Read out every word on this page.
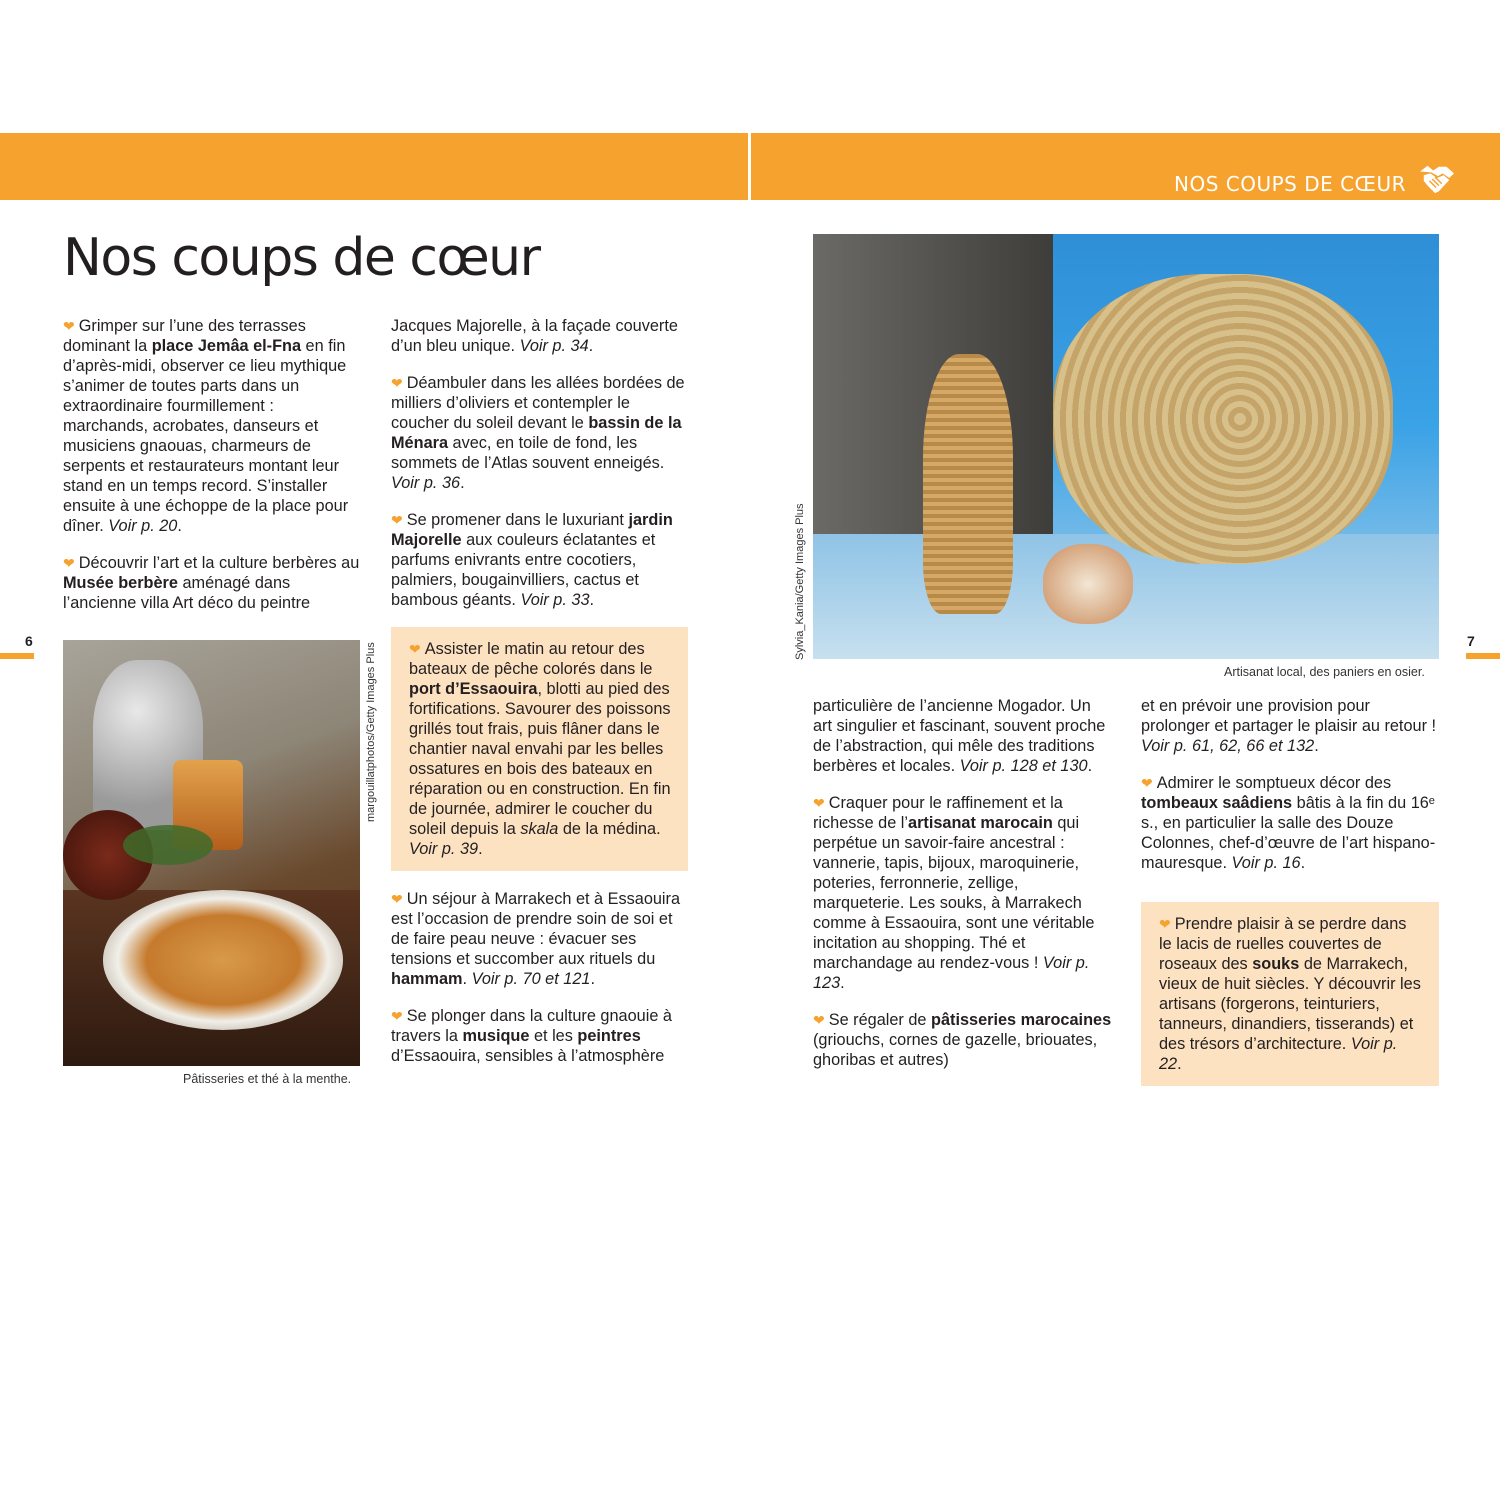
NOS COUPS DE CŒUR
Nos coups de cœur

❤ Grimper sur l’une des terrasses dominant la place Jemâa el-Fna en fin d’après-midi, observer ce lieu mythique s’animer de toutes parts dans un extraordinaire fourmillement : marchands, acrobates, danseurs et musiciens gnaouas, charmeurs de serpents et restaurateurs montant leur stand en un temps record. S’installer ensuite à une échoppe de la place pour dîner. Voir p. 20.

❤ Découvrir l’art et la culture berbères au Musée berbère aménagé dans l’ancienne villa Art déco du peintre

Jacques Majorelle, à la façade couverte d’un bleu unique. Voir p. 34.

❤ Déambuler dans les allées bordées de milliers d’oliviers et contempler le coucher du soleil devant le bassin de la Ménara avec, en toile de fond, les sommets de l’Atlas souvent enneigés. Voir p. 36.

❤ Se promener dans le luxuriant jardin Majorelle aux couleurs éclatantes et parfums enivrants entre cocotiers, palmiers, bougainvilliers, cactus et bambous géants. Voir p. 33.

❤ Assister le matin au retour des bateaux de pêche colorés dans le port d’Essaouira, blotti au pied des fortifications. Savourer des poissons grillés tout frais, puis flâner dans le chantier naval envahi par les belles ossatures en bois des bateaux en réparation ou en construction. En fin de journée, admirer le coucher du soleil depuis la skala de la médina. Voir p. 39.

❤ Un séjour à Marrakech et à Essaouira est l’occasion de prendre soin de soi et de faire peau neuve : évacuer ses tensions et succomber aux rituels du hammam. Voir p. 70 et 121.

❤ Se plonger dans la culture gnaouie à travers la musique et les peintres d’Essaouira, sensibles à l’atmosphère

margouillatphotos/Getty Images Plus
Pâtisseries et thé à la menthe.
6	7
Sylvia_Kania/Getty Images Plus
Artisanat local, des paniers en osier.

particulière de l’ancienne Mogador. Un art singulier et fascinant, souvent proche de l’abstraction, qui mêle des traditions berbères et locales. Voir p. 128 et 130.

❤ Craquer pour le raffinement et la richesse de l’artisanat marocain qui perpétue un savoir-faire ancestral : vannerie, tapis, bijoux, maroquinerie, poteries, ferronnerie, zellige, marqueterie. Les souks, à Marrakech comme à Essaouira, sont une véritable incitation au shopping. Thé et marchandage au rendez-vous ! Voir p. 123.

❤ Se régaler de pâtisseries marocaines (griouchs, cornes de gazelle, briouates, ghoribas et autres)

et en prévoir une provision pour prolonger et partager le plaisir au retour ! Voir p. 61, 62, 66 et 132.

❤ Admirer le somptueux décor des tombeaux saâdiens bâtis à la fin du 16ᵉ s., en particulier la salle des Douze Colonnes, chef-d’œuvre de l’art hispano-mauresque. Voir p. 16.

❤ Prendre plaisir à se perdre dans le lacis de ruelles couvertes de roseaux des souks de Marrakech, vieux de huit siècles. Y découvrir les artisans (forgerons, teinturiers, tanneurs, dinandiers, tisserands) et des trésors d’architecture. Voir p. 22.
